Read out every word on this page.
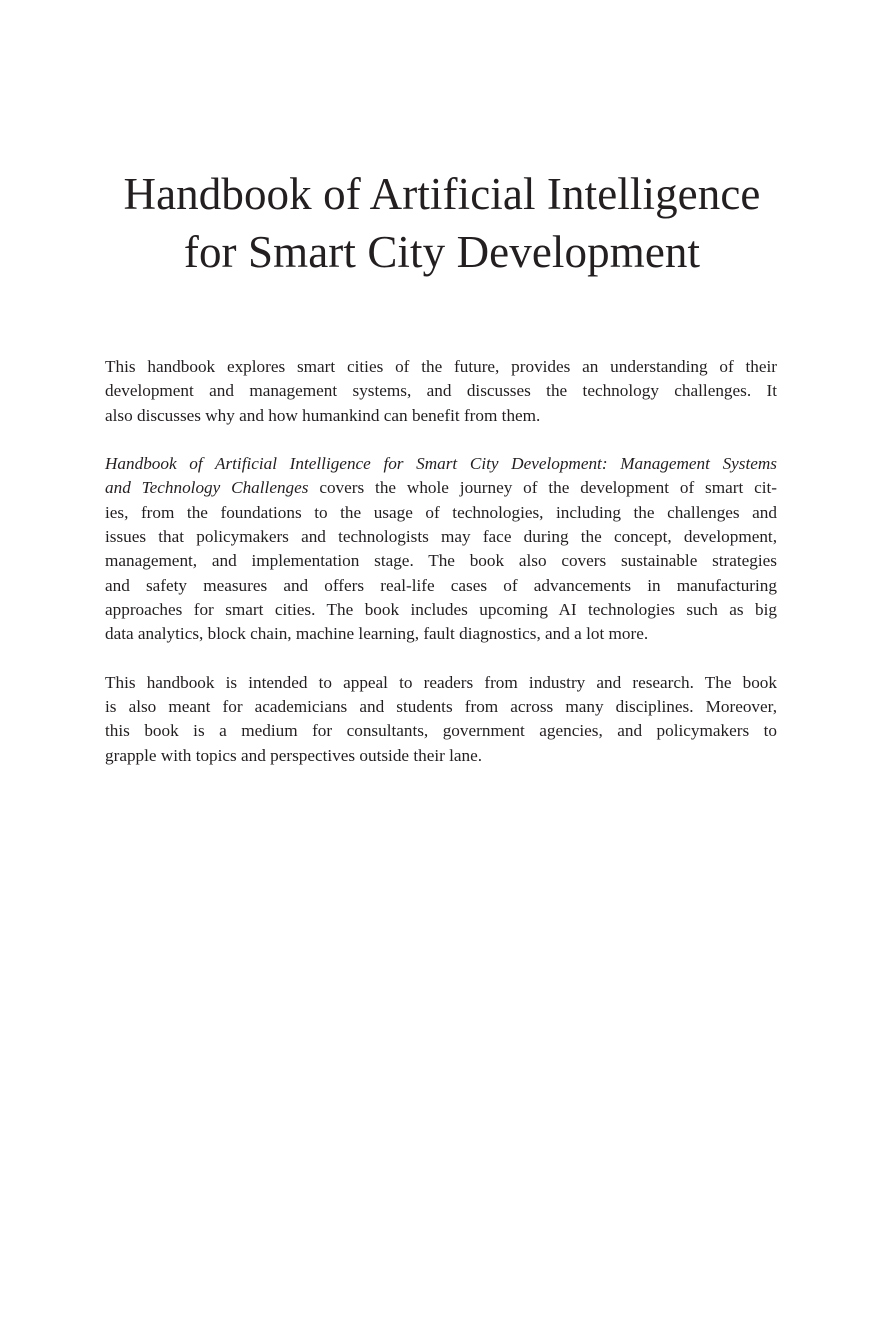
Handbook of Artificial Intelligence
for Smart City Development

This handbook explores smart cities of the future, provides an understanding of their
development and management systems, and discusses the technology challenges. It
also discusses why and how humankind can benefit from them.

Handbook of Artificial Intelligence for Smart City Development: Management Systems
and Technology Challenges covers the whole journey of the development of smart cit-
ies, from the foundations to the usage of technologies, including the challenges and
issues that policymakers and technologists may face during the concept, development,
management, and implementation stage. The book also covers sustainable strategies
and safety measures and offers real-life cases of advancements in manufacturing
approaches for smart cities. The book includes upcoming AI technologies such as big
data analytics, block chain, machine learning, fault diagnostics, and a lot more.

This handbook is intended to appeal to readers from industry and research. The book
is also meant for academicians and students from across many disciplines. Moreover,
this book is a medium for consultants, government agencies, and policymakers to
grapple with topics and perspectives outside their lane.
